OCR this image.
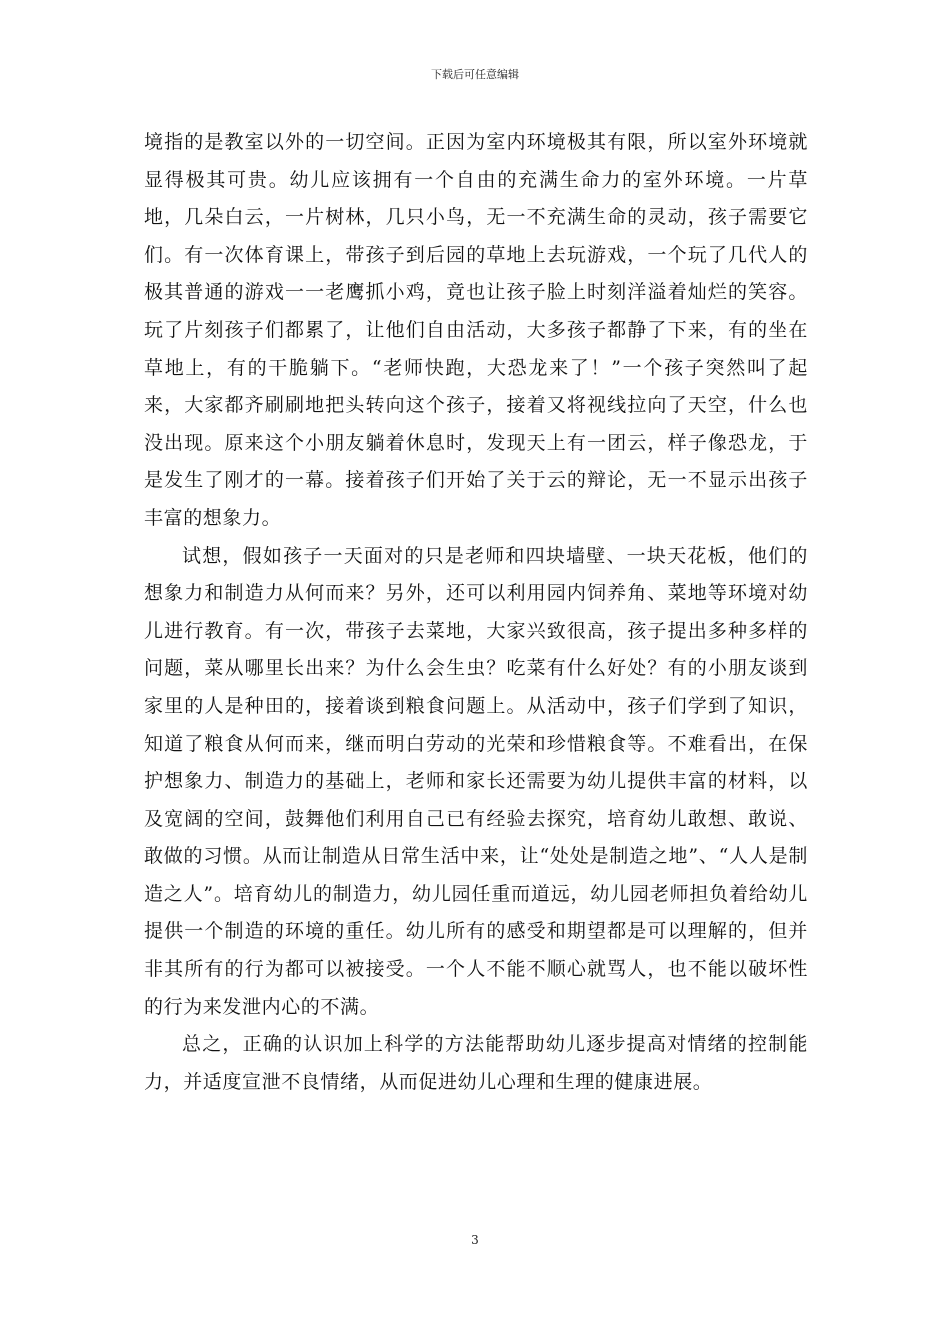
下载后可任意编辑

境指的是教室以外的一切空间。正因为室内环境极其有限，所以室外环境就显得极其可贵。幼儿应该拥有一个自由的充满生命力的室外环境。一片草地，几朵白云，一片树林，几只小鸟，无一不充满生命的灵动，孩子需要它们。有一次体育课上，带孩子到后园的草地上去玩游戏，一个玩了几代人的极其普通的游戏一一老鹰抓小鸡，竟也让孩子脸上时刻洋溢着灿烂的笑容。玩了片刻孩子们都累了，让他们自由活动，大多孩子都静了下来，有的坐在草地上，有的干脆躺下。“老师快跑，大恐龙来了！”一个孩子突然叫了起来，大家都齐刷刷地把头转向这个孩子，接着又将视线拉向了天空，什么也没出现。原来这个小朋友躺着休息时，发现天上有一团云，样子像恐龙，于是发生了刚才的一幕。接着孩子们开始了关于云的辩论，无一不显示出孩子丰富的想象力。

试想，假如孩子一天面对的只是老师和四块墙壁、一块天花板，他们的想象力和制造力从何而来？另外，还可以利用园内饲养角、菜地等环境对幼儿进行教育。有一次，带孩子去菜地，大家兴致很高，孩子提出多种多样的问题，菜从哪里长出来？为什么会生虫？吃菜有什么好处？有的小朋友谈到家里的人是种田的，接着谈到粮食问题上。从活动中，孩子们学到了知识，知道了粮食从何而来，继而明白劳动的光荣和珍惜粮食等。不难看出，在保护想象力、制造力的基础上，老师和家长还需要为幼儿提供丰富的材料，以及宽阔的空间，鼓舞他们利用自己已有经验去探究，培育幼儿敢想、敢说、敢做的习惯。从而让制造从日常生活中来，让“处处是制造之地”、“人人是制造之人”。培育幼儿的制造力，幼儿园任重而道远，幼儿园老师担负着给幼儿提供一个制造的环境的重任。幼儿所有的感受和期望都是可以理解的，但并非其所有的行为都可以被接受。一个人不能不顺心就骂人，也不能以破坏性的行为来发泄内心的不满。

总之，正确的认识加上科学的方法能帮助幼儿逐步提高对情绪的控制能力，并适度宣泄不良情绪，从而促进幼儿心理和生理的健康进展。

3
